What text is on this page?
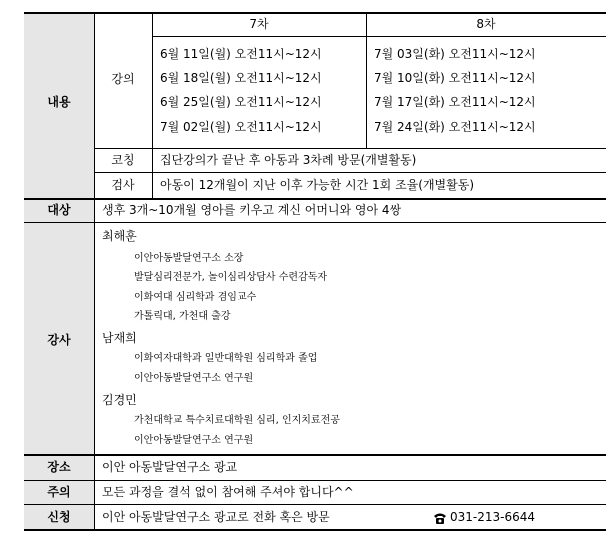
내용
강의
코칭
검사
대상
강사
장소
주의
신청
7차	8차
6월 11일(월) 오전11시~12시
6월 18일(월) 오전11시~12시
6월 25일(월) 오전11시~12시
7월 02일(월) 오전11시~12시
7월 03일(화) 오전11시~12시
7월 10일(화) 오전11시~12시
7월 17일(화) 오전11시~12시
7월 24일(화) 오전11시~12시
집단강의가 끝난 후 아동과 3차례 방문(개별활동)
아동이 12개월이 지난 이후 가능한 시간 1회 조율(개별활동)
생후 3개~10개월 영아를 키우고 계신 어머니와 영아 4쌍
최해훈
이안아동발달연구소 소장
발달심리전문가, 놀이심리상담사 수련감독자
이화여대 심리학과 겸임교수
가톨릭대, 가천대 출강
남재희
이화여자대학과 일반대학원 심리학과 졸업
이안아동발달연구소 연구원
김경민
가천대학교 특수치료대학원 심리, 인지치료전공
이안아동발달연구소 연구원
이안 아동발달연구소 광교
모든 과정을 결석 없이 참여해 주셔야 합니다^^
이안 아동발달연구소 광교로 전화 혹은 방문	031-213-6644
